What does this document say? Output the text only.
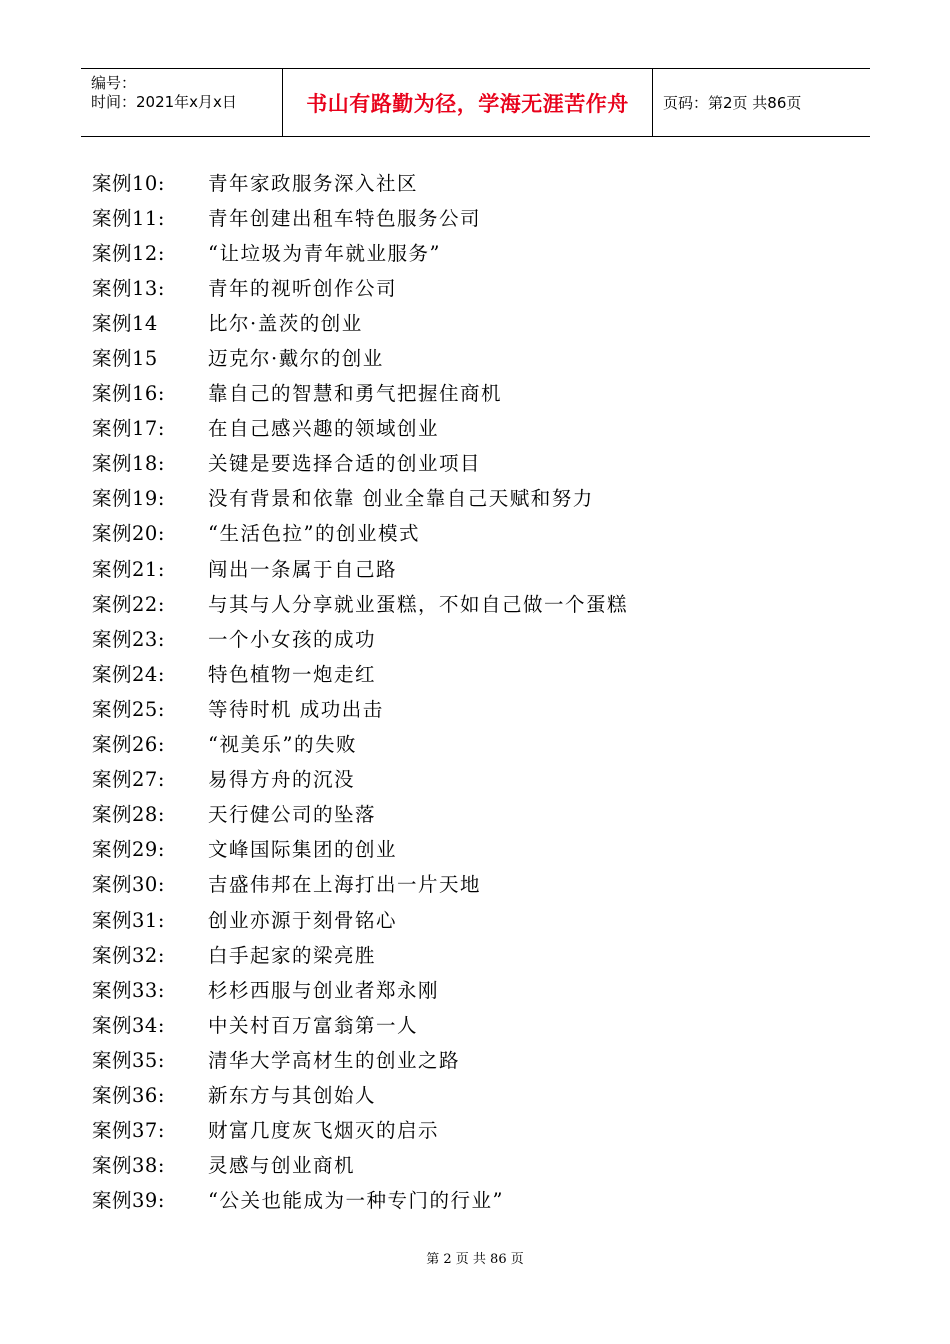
编号：
时间：2021年x月x日	书山有路勤为径，学海无涯苦作舟	页码：第2页 共86页
案例10:	青年家政服务深入社区
案例11:	青年创建出租车特色服务公司
案例12:	“让垃圾为青年就业服务”
案例13:	青年的视听创作公司
案例14	比尔·盖茨的创业
案例15	迈克尔·戴尔的创业
案例16:	靠自己的智慧和勇气把握住商机
案例17:	在自己感兴趣的领域创业
案例18:	关键是要选择合适的创业项目
案例19:	没有背景和依靠 创业全靠自己天赋和努力
案例20:	“生活色拉”的创业模式
案例21:	闯出一条属于自己路
案例22:	与其与人分享就业蛋糕，不如自己做一个蛋糕
案例23:	一个小女孩的成功
案例24:	特色植物一炮走红
案例25:	等待时机 成功出击
案例26:	“视美乐”的失败
案例27:	易得方舟的沉没
案例28:	天行健公司的坠落
案例29:	文峰国际集团的创业
案例30:	吉盛伟邦在上海打出一片天地
案例31:	创业亦源于刻骨铭心
案例32:	白手起家的梁亮胜
案例33:	杉杉西服与创业者郑永刚
案例34:	中关村百万富翁第一人
案例35:	清华大学高材生的创业之路
案例36:	新东方与其创始人
案例37:	财富几度灰飞烟灭的启示
案例38:	灵感与创业商机
案例39:	“公关也能成为一种专门的行业”
第 2 页 共 86 页
